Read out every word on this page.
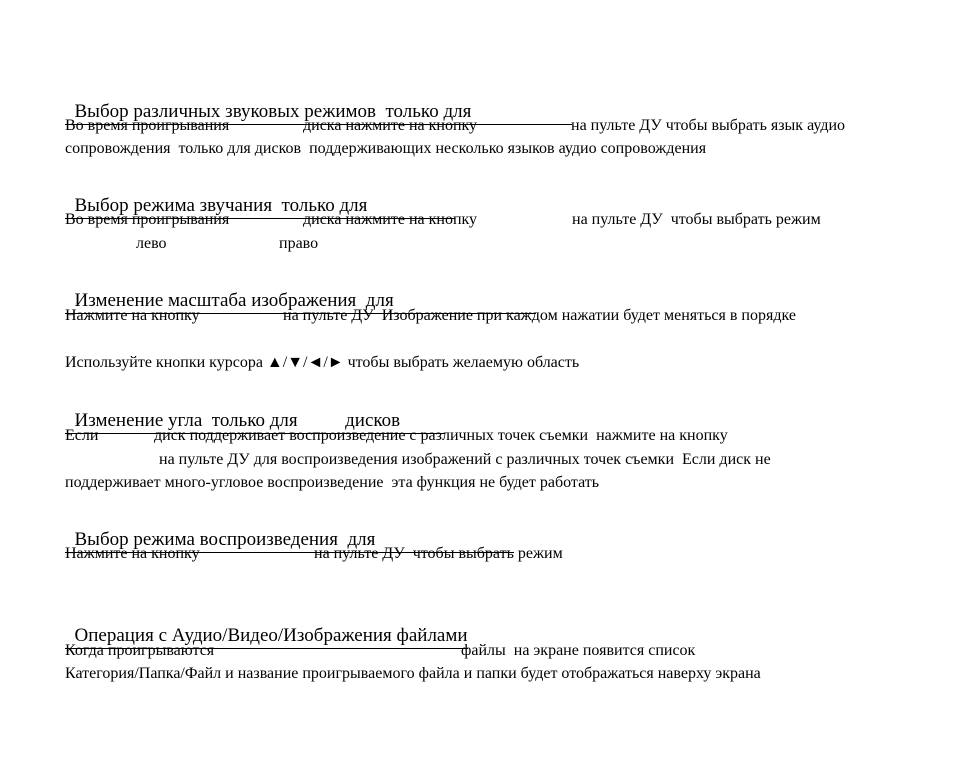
Выбор различных звуковых режимов  только для

Во время проигрывания

	диска нажмите на кнопку

	на пульте ДУ чтобы выбрать язык аудио

сопровождения  только для дисков  поддерживающих несколько языков аудио сопровождения

Выбор режима звучания  только для

Во время проигрывания

	диска нажмите на кнопку

	на пульте ДУ  чтобы выбрать режим

лево

	право

Изменение масштаба изображения  для

Нажмите на кнопку

	на пульте ДУ  Изображение при каждом нажатии будет меняться в порядке

Используйте кнопки курсора ▲/▼/◄/► чтобы выбрать желаемую область

Изменение угла  только для          дисков

Если

	диск поддерживает воспроизведение с различных точек съемки  нажмите на кнопку

на пульте ДУ для воспроизведения изображений с различных точек съемки  Если диск не
поддерживает много-угловое воспроизведение  эта функция не будет работать

Выбор режима воспроизведения  для

Нажмите на кнопку

	на пульте ДУ  чтобы выбрать режим

Операция с Аудио/Видео/Изображения файлами

Когда проигрываются

	файлы  на экране появится список

Категория/Папка/Файл и название проигрываемого файла и папки будет отображаться наверху экрана
